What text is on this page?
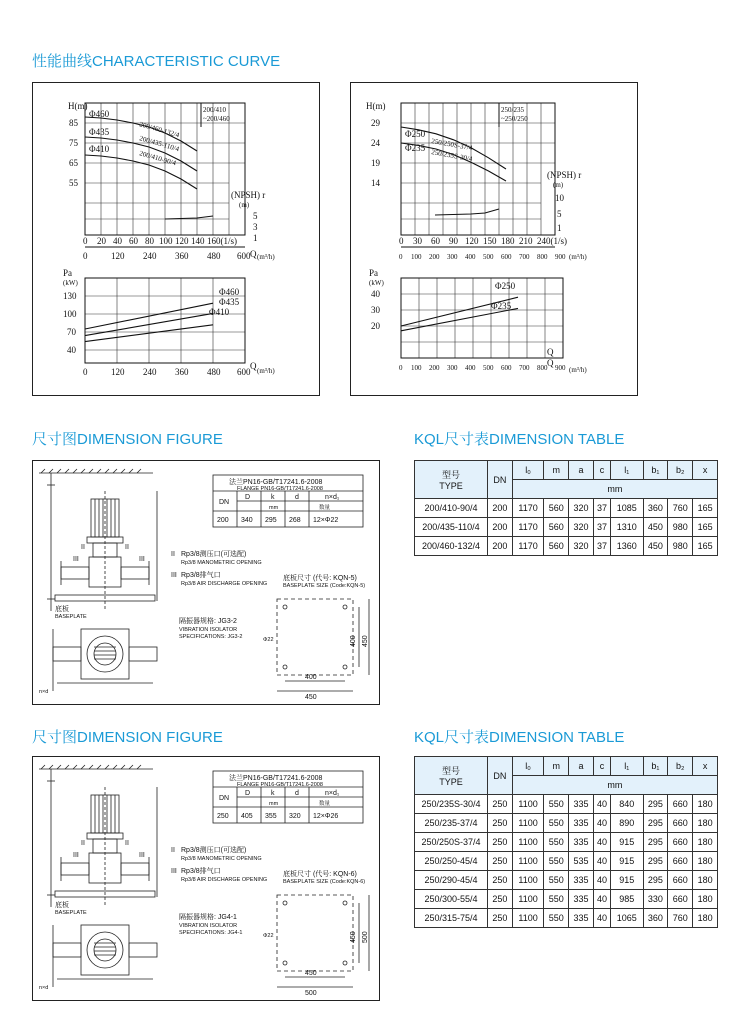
性能曲线CHARACTERISTIC CURVE
尺寸图DIMENSION FIGURE	KQL尺寸表DIMENSION TABLE
尺寸图DIMENSION FIGURE	KQL尺寸表DIMENSION TABLE
H(m)
85
75
65
55
0 20 40 60 80 100 120 140 160(1/s)
0	120 240 360 480 600 Q (m³/h)
200/410
~200/460
(NPSH) r
(m)
5
3
1
Φ460
Φ435
Φ410
200/460-132/4
200/435-110/4
200/410-90/4
Pa
(kW)
130
100
70
40
0	120 240 360 480 600
Q (m³/h)
Φ460
Φ435
Φ410
H(m)
29
24
19
14
0 30 60 90 120 150 180 210 240(1/s)
0 100 200 300 400 500 600 700 800 900
Q
(m³/h)
250/235
~250/250
(NPSH) r
(m)
10
5
1
Φ250
Φ235 250/250S-37/4
250/235S-30/4
Pa
(kW)
40
30
20
0 100 200 300 400 500 600 700 800 900
Q
(m³/h)
Φ250
Φ235
II
III
II
III
底板
BASEPLATE
n×d
法兰PN16-GB/T17241.6-2008
FLANGE PN16-GB/T17241.6-2008
DN
D	k	d	n×d₁
mm	数量
200 340 295 268 12×Φ22
II Rp3/8测压口(可选配)
Rp3/8 MANOMETRIC OPENING
III Rp3/8排气口
Rp3/8 AIR DISCHARGE OPENING
底板尺寸 (代号: KQN-5)
BASEPLATE SIZE (Code:KQN-5)
隔振器规格: JG3-2
VIBRATION ISOLATOR
SPECIFICATIONS: JG3-2
400
450
400 450
Φ22
II
III
II
III
底板
BASEPLATE
n×d
法兰PN16-GB/T17241.6-2008
FLANGE PN16-GB/T17241.6-2008
DN
D	k	d	n×d₁
mm	数量
250 405 355 320 12×Φ26
II Rp3/8测压口(可选配)
Rp3/8 MANOMETRIC OPENING
III Rp3/8排气口
Rp3/8 AIR DISCHARGE OPENING
底板尺寸 (代号: KQN-6)
BASEPLATE SIZE (Code:KQN-6)
隔振器规格: JG4-1
VIBRATION ISOLATOR
SPECIFICATIONS: JG4-1
450
500
450 500
Φ22
型号
TYPE	DN	l₀	m	a	c	l₁	b₁	b₂	x
		mm							
200/410-90/4	200	1170	560	320	37	1085	360	760	165
200/435-110/4	200	1170	560	320	37	1310	450	980	165
200/460-132/4	200	1170	560	320	37	1360	450	980	165
型号
TYPE	DN	l₀	m	a	c	l₁	b₁	b₂	x
		mm							
250/235S-30/4	250	1100	550	335	40	840	295	660	180
250/235-37/4	250	1100	550	335	40	890	295	660	180
250/250S-37/4	250	1100	550	335	40	915	295	660	180
250/250-45/4	250	1100	550	535	40	915	295	660	180
250/290-45/4	250	1100	550	335	40	915	295	660	180
250/300-55/4	250	1100	550	335	40	985	330	660	180
250/315-75/4	250	1100	550	335	40	1065	360	760	180
